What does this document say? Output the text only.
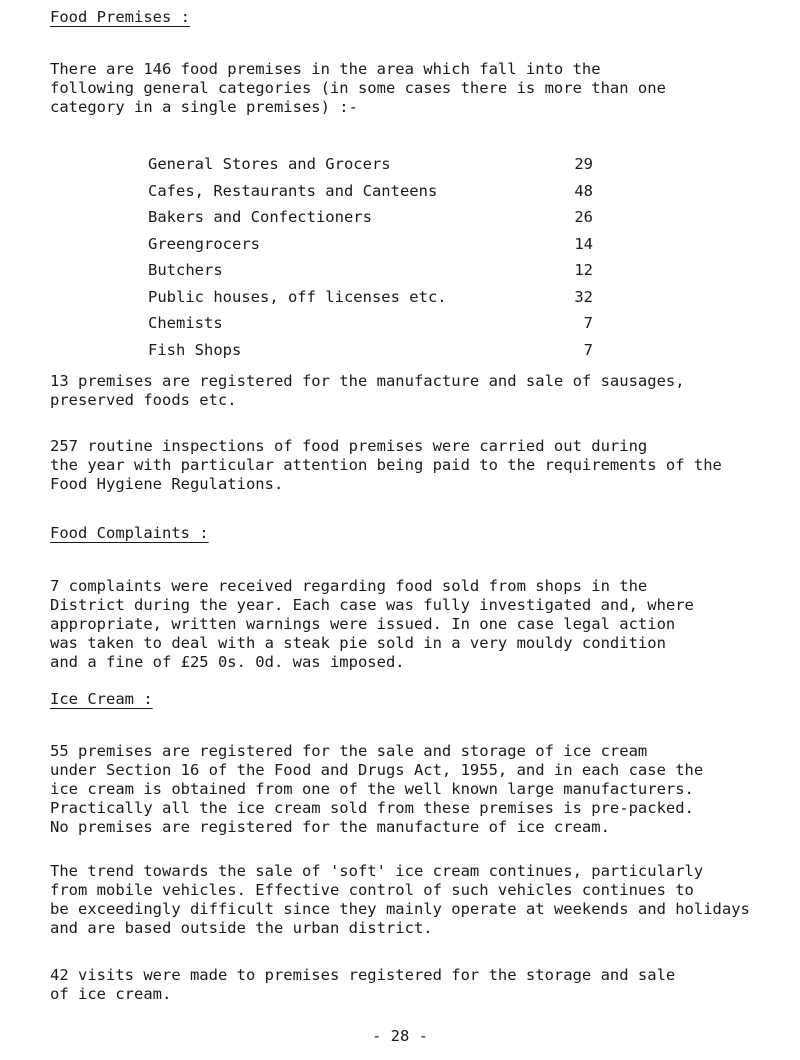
Food Premises :
There are 146 food premises in the area which fall into the
following general categories (in some cases there is more than one
category in a single premises) :-
General Stores and Grocers	29
Cafes, Restaurants and Canteens	48
Bakers and Confectioners	26
Greengrocers	14
Butchers	12
Public houses, off licenses etc.	32
Chemists	7
Fish Shops	7
13 premises are registered for the manufacture and sale of sausages,
preserved foods etc.
257 routine inspections of food premises were carried out during
the year with particular attention being paid to the requirements of the
Food Hygiene Regulations.
Food Complaints :
7 complaints were received regarding food sold from shops in the
District during the year. Each case was fully investigated and, where
appropriate, written warnings were issued. In one case legal action
was taken to deal with a steak pie sold in a very mouldy condition
and a fine of £25 0s. 0d. was imposed.
Ice Cream :
55 premises are registered for the sale and storage of ice cream
under Section 16 of the Food and Drugs Act, 1955, and in each case the
ice cream is obtained from one of the well known large manufacturers.
Practically all the ice cream sold from these premises is pre-packed.
No premises are registered for the manufacture of ice cream.
The trend towards the sale of 'soft' ice cream continues, particularly
from mobile vehicles. Effective control of such vehicles continues to
be exceedingly difficult since they mainly operate at weekends and holidays
and are based outside the urban district.
42 visits were made to premises registered for the storage and sale
of ice cream.
- 28 -
